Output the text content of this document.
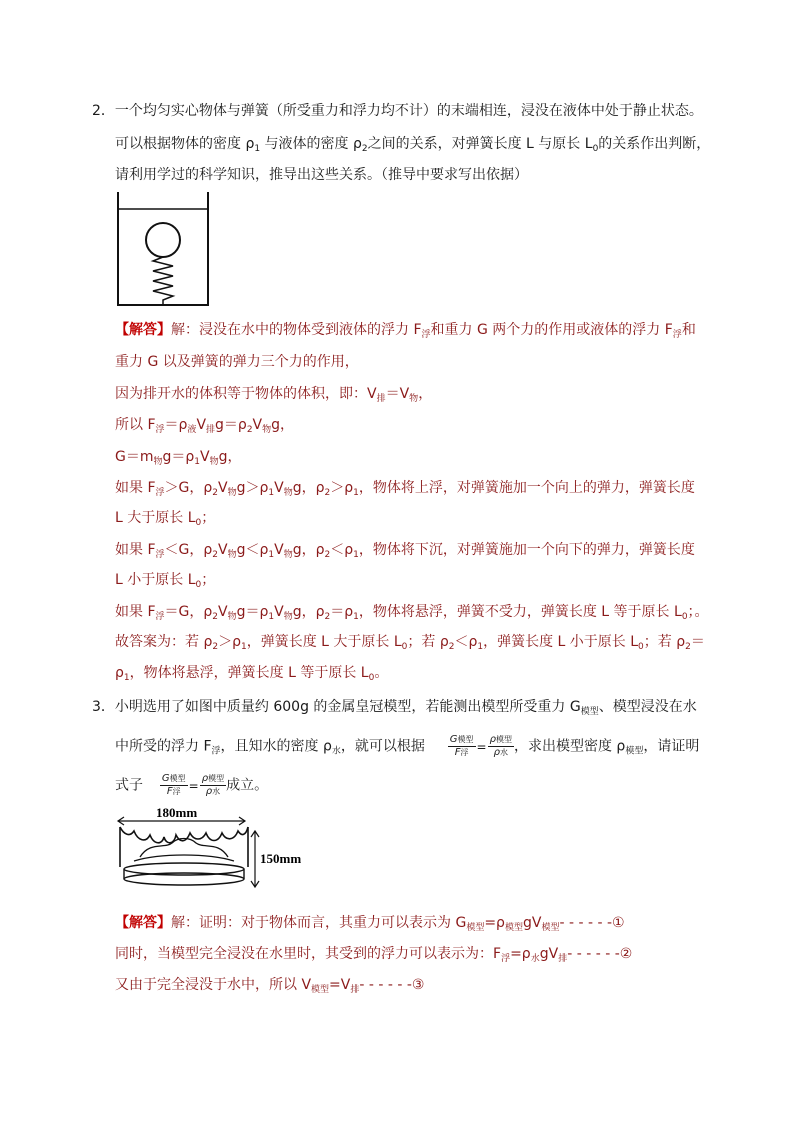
2．一个均匀实心物体与弹簧（所受重力和浮力均不计）的末端相连，浸没在液体中处于静止状态。
可以根据物体的密度 $\rho_1$ 与液体的密度 $\rho_2$之间的关系，对弹簧长度 L 与原长 $L_0$的关系作出判断，
请利用学过的科学知识，推导出这些关系。（推导中要求写出依据）
【解答】解：浸没在水中的物体受到液体的浮力 $F_浮$和重力 G 两个力的作用或液体的浮力 $F_浮$和
重力 G 以及弹簧的弹力三个力的作用，
因为排开水的体积等于物体的体积，即：$V_排=V_物$，
所以 $F_浮=\rho_液V_排g=\rho_2V_物g$，
$G=m_物g=\rho_1V_物g$，
如果 $F_浮>G$，$\rho_2V_物g>\rho_1V_物g$，$\rho_2>\rho_1$，物体将上浮，对弹簧施加一个向上的弹力，弹簧长度
L 大于原长 $L_0$；
如果 $F_浮<G$，$\rho_2V_物g<\rho_1V_物g$，$\rho_2<\rho_1$，物体将下沉，对弹簧施加一个向下的弹力，弹簧长度
L 小于原长 $L_0$；
如果 $F_浮=G$，$\rho_2V_物g=\rho_1V_物g$，$\rho_2=\rho_1$，物体将悬浮，弹簧不受力，弹簧长度 L 等于原长 $L_0$；。
故答案为：若 $\rho_2>\rho_1$，弹簧长度 L 大于原长 $L_0$；若 $\rho_2<\rho_1$，弹簧长度 L 小于原长 $L_0$；若 $\rho_2=$
$\rho_1$，物体将悬浮，弹簧长度 L 等于原长 $L_0$。
3．小明选用了如图中质量约 600g 的金属皇冠模型，若能测出模型所受重力 $G_{模型}$、模型浸没在水
中所受的浮力 $F_浮$，且知水的密度 $\rho_水$，就可以根据 $\frac{\text{G模型}}{\text{F浮}} = \frac{\text{ρ模型}}{\text{ρ水}}$ ，求出模型密度 $\rho_{模型}$，请证明
式子 $\frac{\text{G模型}}{\text{F浮}} = \frac{\text{ρ模型}}{\text{ρ水}}$ 成立。
180mm
150mm
【解答】解：证明：对于物体而言，其重力可以表示为 $G_{模型}=\rho_{模型}gV_{模型}-$ - - - - -①
同时，当模型完全浸没在水里时，其受到的浮力可以表示为：$F_浮=\rho_水gV_排-$ - - - - -②
又由于完全浸没于水中，所以 $V_{模型}=V_排-$ - - - - -③
